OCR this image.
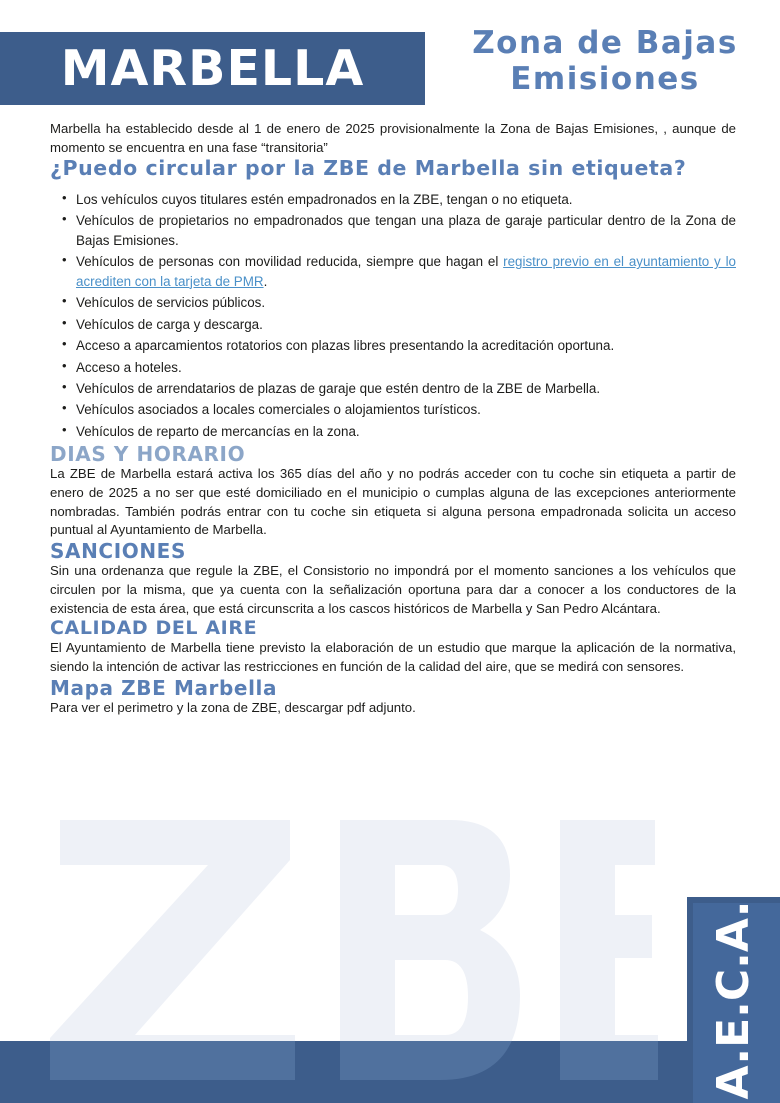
MARBELLA	Zona de Bajas
Emisiones

Marbella ha establecido desde al 1 de enero de 2025 provisionalmente la Zona de Bajas Emisiones, , aunque de momento se encuentra en una fase “transitoria”

¿Puedo circular por la ZBE de Marbella sin etiqueta?
• Los vehículos cuyos titulares estén empadronados en la ZBE, tengan o no etiqueta.
• Vehículos de propietarios no empadronados que tengan una plaza de garaje particular dentro de la Zona de Bajas Emisiones.
• Vehículos de personas con movilidad reducida, siempre que hagan el registro previo en el ayuntamiento y lo acrediten con la tarjeta de PMR.
• Vehículos de servicios públicos.
• Vehículos de carga y descarga.
• Acceso a aparcamientos rotatorios con plazas libres presentando la acreditación oportuna.
• Acceso a hoteles.
• Vehículos de arrendatarios de plazas de garaje que estén dentro de la ZBE de Marbella.
• Vehículos asociados a locales comerciales o alojamientos turísticos.
• Vehículos de reparto de mercancías en la zona.
DIAS Y HORARIO

La ZBE de Marbella estará activa los 365 días del año y no podrás acceder con tu coche sin etiqueta a partir de enero de 2025 a no ser que esté domiciliado en el municipio o cumplas alguna de las excepciones anteriormente nombradas. También podrás entrar con tu coche sin etiqueta si alguna persona empadronada solicita un acceso puntual al Ayuntamiento de Marbella.

SANCIONES

Sin una ordenanza que regule la ZBE, el Consistorio no impondrá por el momento sanciones a los vehículos que circulen por la misma, que ya cuenta con la señalización oportuna para dar a conocer a los conductores de la existencia de esta área, que está circunscrita a los cascos históricos de Marbella y San Pedro Alcántara.

CALIDAD DEL AIRE

El Ayuntamiento de Marbella tiene previsto la elaboración de un estudio que marque la aplicación de la normativa, siendo la intención de activar las restricciones en función de la calidad del aire, que se medirá con sensores.

Mapa ZBE Marbella

Para ver el perimetro y la zona de ZBE, descargar pdf adjunto.

A.E.C.A.
